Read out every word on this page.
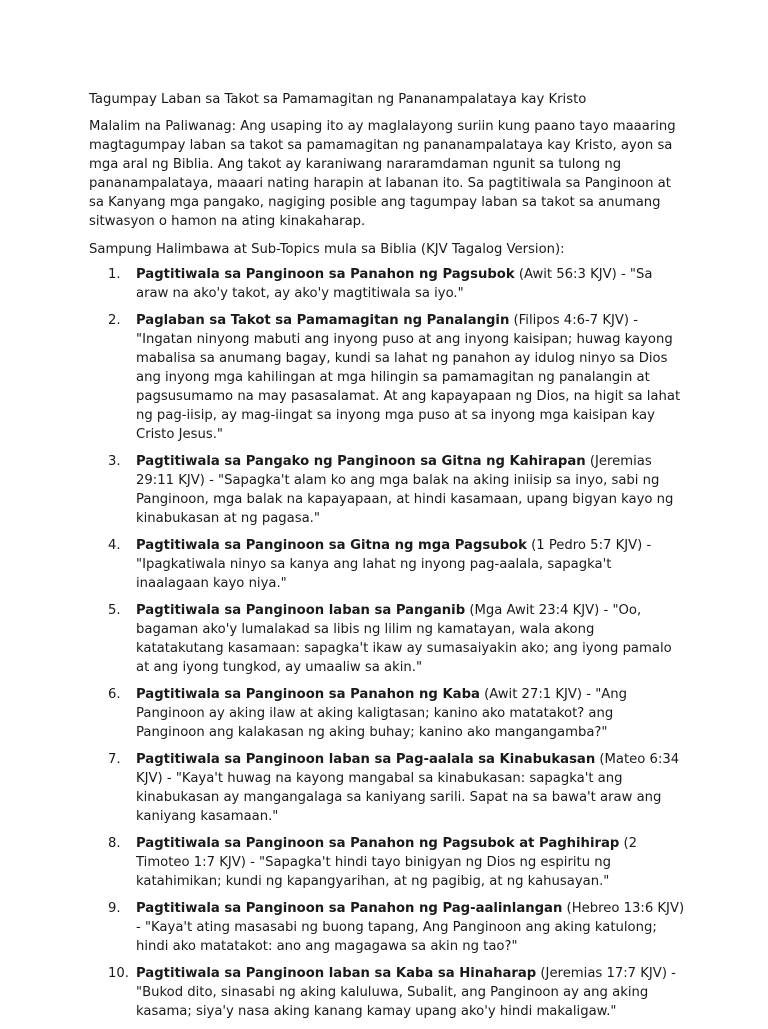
Tagumpay Laban sa Takot sa Pamamagitan ng Pananampalataya kay Kristo

Malalim na Paliwanag: Ang usaping ito ay maglalayong suriin kung paano tayo maaaring magtagumpay laban sa takot sa pamamagitan ng pananampalataya kay Kristo, ayon sa mga aral ng Biblia. Ang takot ay karaniwang nararamdaman ngunit sa tulong ng pananampalataya, maaari nating harapin at labanan ito. Sa pagtitiwala sa Panginoon at sa Kanyang mga pangako, nagiging posible ang tagumpay laban sa takot sa anumang sitwasyon o hamon na ating kinakaharap.

Sampung Halimbawa at Sub-Topics mula sa Biblia (KJV Tagalog Version):

1.	Pagtitiwala sa Panginoon sa Panahon ng Pagsubok (Awit 56:3 KJV) - "Sa araw na ako'y takot, ay ako'y magtitiwala sa iyo."
2.	Paglaban sa Takot sa Pamamagitan ng Panalangin (Filipos 4:6-7 KJV) - "Ingatan ninyong mabuti ang inyong puso at ang inyong kaisipan; huwag kayong mabalisa sa anumang bagay, kundi sa lahat ng panahon ay idulog ninyo sa Dios ang inyong mga kahilingan at mga hilingin sa pamamagitan ng panalangin at pagsusumamo na may pasasalamat. At ang kapayapaan ng Dios, na higit sa lahat ng pag-iisip, ay mag-iingat sa inyong mga puso at sa inyong mga kaisipan kay Cristo Jesus."
3.	Pagtitiwala sa Pangako ng Panginoon sa Gitna ng Kahirapan (Jeremias 29:11 KJV) - "Sapagka't alam ko ang mga balak na aking iniisip sa inyo, sabi ng Panginoon, mga balak na kapayapaan, at hindi kasamaan, upang bigyan kayo ng kinabukasan at ng pagasa."
4.	Pagtitiwala sa Panginoon sa Gitna ng mga Pagsubok (1 Pedro 5:7 KJV) - "Ipagkatiwala ninyo sa kanya ang lahat ng inyong pag-aalala, sapagka't inaalagaan kayo niya."
5.	Pagtitiwala sa Panginoon laban sa Panganib (Mga Awit 23:4 KJV) - "Oo, bagaman ako'y lumalakad sa libis ng lilim ng kamatayan, wala akong katatakutang kasamaan: sapagka't ikaw ay sumasaiyakin ako; ang iyong pamalo at ang iyong tungkod, ay umaaliw sa akin."
6.	Pagtitiwala sa Panginoon sa Panahon ng Kaba (Awit 27:1 KJV) - "Ang Panginoon ay aking ilaw at aking kaligtasan; kanino ako matatakot? ang Panginoon ang kalakasan ng aking buhay; kanino ako mangangamba?"
7.	Pagtitiwala sa Panginoon laban sa Pag-aalala sa Kinabukasan (Mateo 6:34 KJV) - "Kaya't huwag na kayong mangabal sa kinabukasan: sapagka't ang kinabukasan ay mangangalaga sa kaniyang sarili. Sapat na sa bawa't araw ang kaniyang kasamaan."
8.	Pagtitiwala sa Panginoon sa Panahon ng Pagsubok at Paghihirap (2 Timoteo 1:7 KJV) - "Sapagka't hindi tayo binigyan ng Dios ng espiritu ng katahimikan; kundi ng kapangyarihan, at ng pagibig, at ng kahusayan."
9.	Pagtitiwala sa Panginoon sa Panahon ng Pag-aalinlangan (Hebreo 13:6 KJV) - "Kaya't ating masasabi ng buong tapang, Ang Panginoon ang aking katulong; hindi ako matatakot: ano ang magagawa sa akin ng tao?"
10. Pagtitiwala sa Panginoon laban sa Kaba sa Hinaharap (Jeremias 17:7 KJV) - "Bukod dito, sinasabi ng aking kaluluwa, Subalit, ang Panginoon ay ang aking kasama; siya'y nasa aking kanang kamay upang ako'y hindi makaligaw."
